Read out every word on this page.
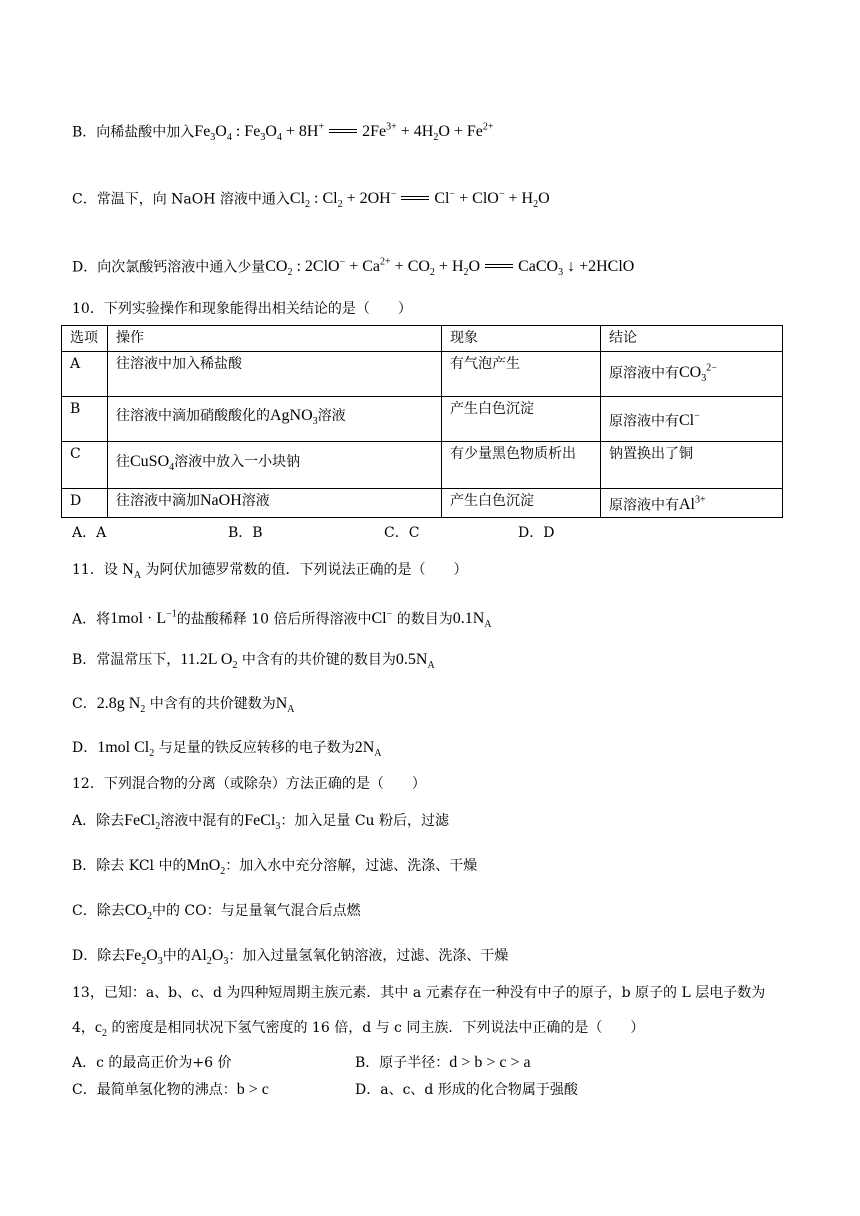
B．向稀盐酸中加入$Fe_3O_4$ : $Fe_3O_4 + 8H^+$  $2Fe^{3+} + 4H_2O + Fe^{2+}$
C．常温下，向 NaOH 溶液中通入$Cl_2$ : $Cl_2 + 2OH^-$  $Cl^- + ClO^- + H_2O$
D．向次氯酸钙溶液中通入少量$CO_2$ : $2ClO^- + Ca^{2+} + CO_2 + H_2O$  CaCO$_3$ ↓ +2HClO
10．下列实验操作和现象能得出相关结论的是（　　）
选项	操作	现象	结论
A	往溶液中加入稀盐酸	有气泡产生	原溶液中有$CO_3^{2-}$
B	往溶液中滴加硝酸酸化的AgNO$_3$溶液	产生白色沉淀	原溶液中有Cl−
C	往CuSO$_4$溶液中放入一小块钠	有少量黑色物质析出	钠置换出了铜
D	往溶液中滴加NaOH溶液	产生白色沉淀	原溶液中有$Al^{3+}$
A．A	B．B	C．C	D．D
11．设 $N_A$ 为阿伏加德罗常数的值．下列说法正确的是（　　）
A．将$1mol \cdot L^{-1}$的盐酸稀释 10 倍后所得溶液中Cl− 的数目为$0.1N_A$
B．常温常压下，11.2L $O_2$ 中含有的共价键的数目为$0.5N_A$
C．2.8g $N_2$ 中含有的共价键数为$N_A$
D．1mol $Cl_2$ 与足量的铁反应转移的电子数为$2N_A$
12．下列混合物的分离（或除杂）方法正确的是（　　）
A．除去FeCl$_2$溶液中混有的FeCl$_3$：加入足量 Cu 粉后，过滤
B．除去 KCl 中的MnO$_2$：加入水中充分溶解，过滤、洗涤、干燥
C．除去$CO_2$中的 CO：与足量氧气混合后点燃
D．除去$Fe_2O_3$中的$Al_2O_3$：加入过量氢氧化钠溶液，过滤、洗涤、干燥
13，已知：a、b、c、d 为四种短周期主族元素．其中 a 元素存在一种没有中子的原子，b 原子的 L 层电子数为
4，$c_2$ 的密度是相同状况下氢气密度的 16 倍，d 与 c 同主族．下列说法中正确的是（　　）
A．c 的最高正价为+6 价	B．原子半径：d > b > c > a
C．最简单氢化物的沸点：b > c	D．a、c、d 形成的化合物属于强酸
